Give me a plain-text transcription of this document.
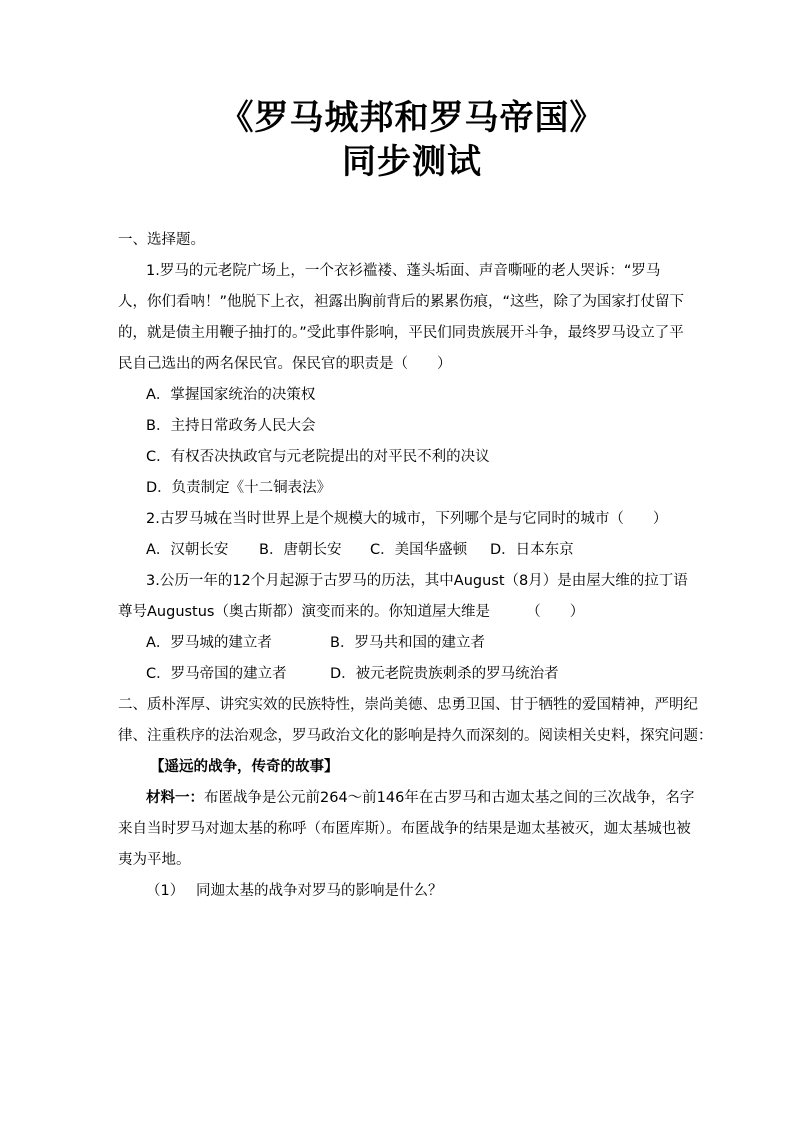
《罗马城邦和罗马帝国》
同步测试
一、选择题。
1.罗马的元老院广场上，一个衣衫褴褛、蓬头垢面、声音嘶哑的老人哭诉：“罗马
人，你们看呐！”他脱下上衣，袒露出胸前背后的累累伤痕，“这些，除了为国家打仗留下
的，就是债主用鞭子抽打的。”受此事件影响，平民们同贵族展开斗争，最终罗马设立了平
民自己选出的两名保民官。保民官的职责是（　　）
A．掌握国家统治的决策权
B．主持日常政务人民大会
C．有权否决执政官与元老院提出的对平民不利的决议
D．负责制定《十二铜表法》
2.古罗马城在当时世界上是个规模大的城市，下列哪个是与它同时的城市（　　）
A．汉朝长安 B．唐朝长安 C．美国华盛顿 D．日本东京
3.公历一年的12个月起源于古罗马的历法，其中August（8月）是由屋大维的拉丁语
尊号Augustus（奥古斯都）演变而来的。你知道屋大维是　　　（　　）
A．罗马城的建立者	B．罗马共和国的建立者
C．罗马帝国的建立者	D．被元老院贵族刺杀的罗马统治者
二、质朴浑厚、讲究实效的民族特性，崇尚美德、忠勇卫国、甘于牺牲的爱国精神，严明纪
律、注重秩序的法治观念，罗马政治文化的影响是持久而深刻的。阅读相关史料，探究问题：
【遥远的战争，传奇的故事】
材料一：布匿战争是公元前264～前146年在古罗马和古迦太基之间的三次战争，名字
来自当时罗马对迦太基的称呼（布匿库斯）。布匿战争的结果是迦太基被灭，迦太基城也被
夷为平地。
（1） 同迦太基的战争对罗马的影响是什么？
